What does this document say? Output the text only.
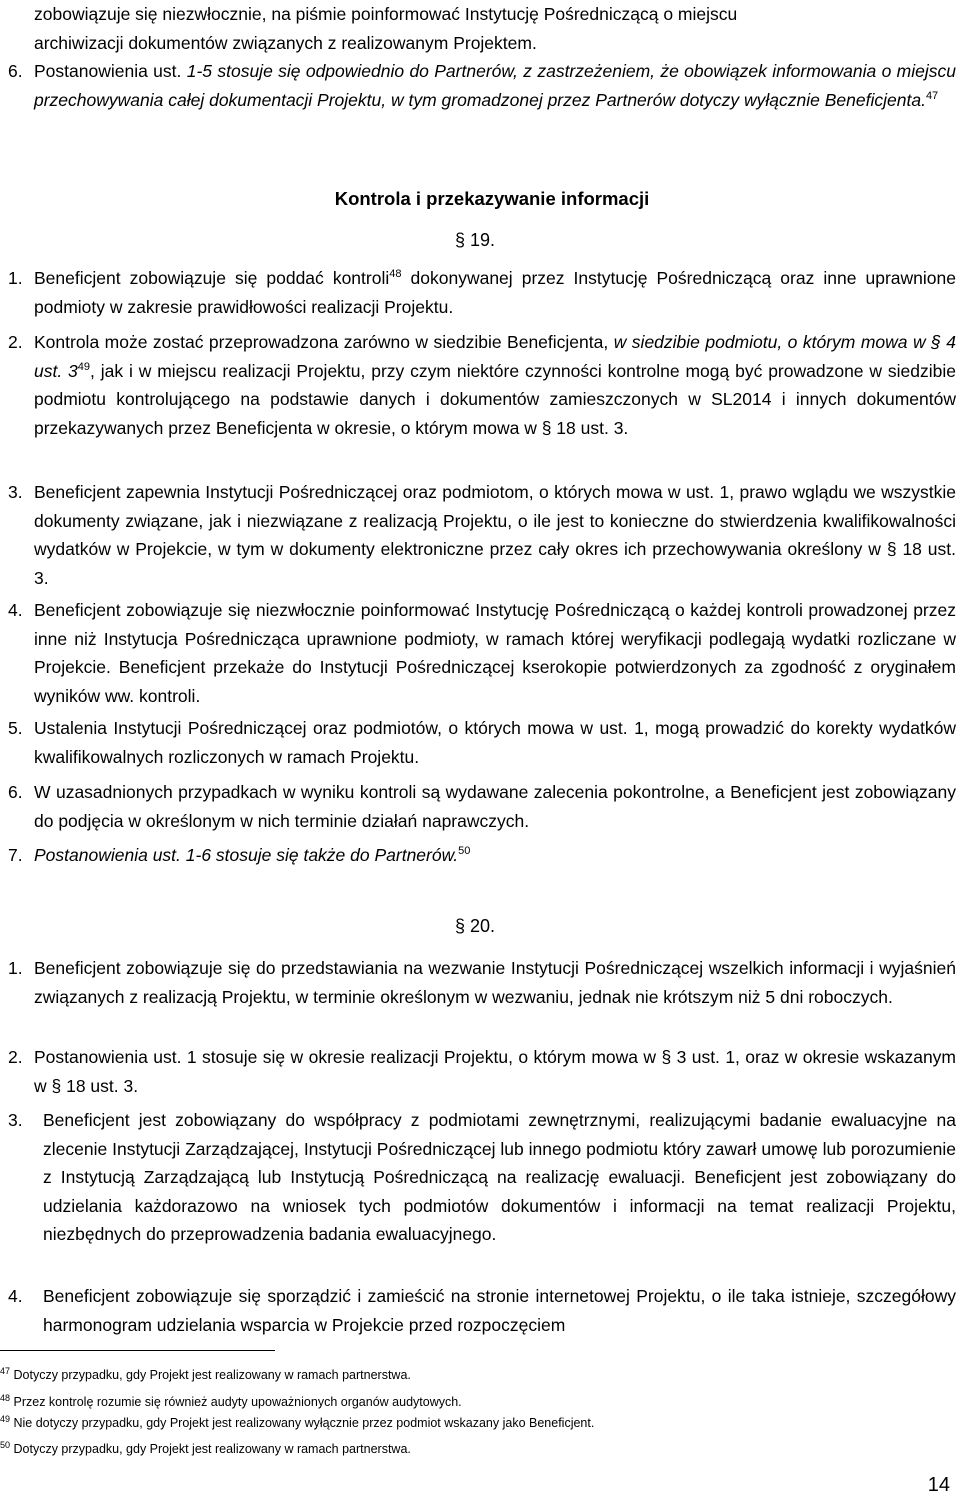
zobowiązuje się niezwłocznie, na piśmie poinformować Instytucję Pośredniczącą o miejscu
archiwizacji dokumentów związanych z realizowanym Projektem.
6. Postanowienia ust. 1-5 stosuje się odpowiednio do Partnerów, z zastrzeżeniem, że obowiązek informowania o miejscu przechowywania całej dokumentacji Projektu, w tym gromadzonej przez Partnerów dotyczy wyłącznie Beneficjenta.$^{47}$
Kontrola i przekazywanie informacji
§ 19.
1. Beneficjent zobowiązuje się poddać kontroli$^{48}$ dokonywanej przez Instytucję Pośredniczącą oraz inne uprawnione podmioty w zakresie prawidłowości realizacji Projektu.
2. Kontrola może zostać przeprowadzona zarówno w siedzibie Beneficjenta, w siedzibie podmiotu, o którym mowa w § 4 ust. $3^{49}$, jak i w miejscu realizacji Projektu, przy czym niektóre czynności kontrolne mogą być prowadzone w siedzibie podmiotu kontrolującego na podstawie danych i dokumentów zamieszczonych w SL2014 i innych dokumentów przekazywanych przez Beneficjenta w okresie, o którym mowa w § 18 ust. 3.
3. Beneficjent zapewnia Instytucji Pośredniczącej oraz podmiotom, o których mowa w ust. 1, prawo wglądu we wszystkie dokumenty związane, jak i niezwiązane z realizacją Projektu, o ile jest to konieczne do stwierdzenia kwalifikowalności wydatków w Projekcie, w tym w dokumenty elektroniczne przez cały okres ich przechowywania określony w § 18 ust. 3.
4. Beneficjent zobowiązuje się niezwłocznie poinformować Instytucję Pośredniczącą o każdej kontroli prowadzonej przez inne niż Instytucja Pośrednicząca uprawnione podmioty, w ramach której weryfikacji podlegają wydatki rozliczane w Projekcie. Beneficjent przekaże do Instytucji Pośredniczącej kserokopie potwierdzonych za zgodność z oryginałem wyników ww. kontroli.
5. Ustalenia Instytucji Pośredniczącej oraz podmiotów, o których mowa w ust. 1, mogą prowadzić do korekty wydatków kwalifikowalnych rozliczonych w ramach Projektu.
6. W uzasadnionych przypadkach w wyniku kontroli są wydawane zalecenia pokontrolne, a Beneficjent jest zobowiązany do podjęcia w określonym w nich terminie działań naprawczych.
7. Postanowienia ust. 1-6 stosuje się także do Partnerów.$^{50}$
§ 20.
1. Beneficjent zobowiązuje się do przedstawiania na wezwanie Instytucji Pośredniczącej wszelkich informacji i wyjaśnień związanych z realizacją Projektu, w terminie określonym w wezwaniu, jednak nie krótszym niż 5 dni roboczych.
2. Postanowienia ust. 1 stosuje się w okresie realizacji Projektu, o którym mowa w § 3 ust. 1, oraz w okresie wskazanym w § 18 ust. 3.
3. Beneficjent jest zobowiązany do współpracy z podmiotami zewnętrznymi, realizującymi badanie ewaluacyjne na zlecenie Instytucji Zarządzającej, Instytucji Pośredniczącej lub innego podmiotu który zawarł umowę lub porozumienie z Instytucją Zarządzającą lub Instytucją Pośredniczącą na realizację ewaluacji. Beneficjent jest zobowiązany do udzielania każdorazowo na wniosek tych podmiotów dokumentów i informacji na temat realizacji Projektu, niezbędnych do przeprowadzenia badania ewaluacyjnego.
4. Beneficjent zobowiązuje się sporządzić i zamieścić na stronie internetowej Projektu, o ile taka istnieje, szczegółowy harmonogram udzielania wsparcia w Projekcie przed rozpoczęciem
$^{47}$ Dotyczy przypadku, gdy Projekt jest realizowany w ramach partnerstwa.
$^{48}$ Przez kontrolę rozumie się również audyty upoważnionych organów audytowych.
$^{49}$ Nie dotyczy przypadku, gdy Projekt jest realizowany wyłącznie przez podmiot wskazany jako Beneficjent.
$^{50}$ Dotyczy przypadku, gdy Projekt jest realizowany w ramach partnerstwa.
14
